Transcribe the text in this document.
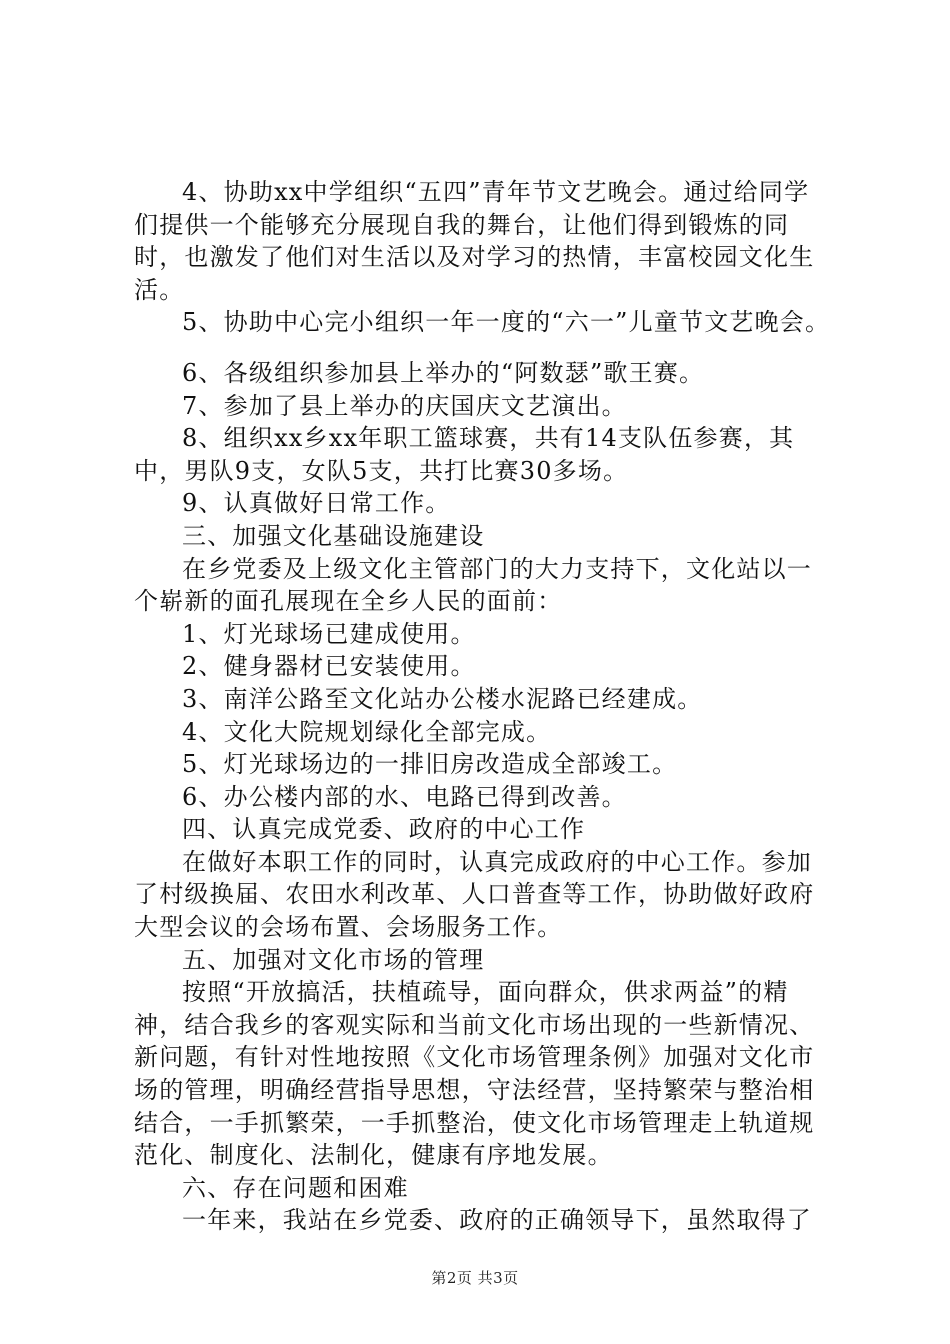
4、协助xx中学组织“五四”青年节文艺晚会。通过给同学们提供一个能够充分展现自我的舞台，让他们得到锻炼的同时，也激发了他们对生活以及对学习的热情，丰富校园文化生活。

5、协助中心完小组织一年一度的“六一”儿童节文艺晚会。

6、各级组织参加县上举办的“阿数瑟”歌王赛。

7、参加了县上举办的庆国庆文艺演出。

8、组织xx乡xx年职工篮球赛，共有14支队伍参赛，其中，男队9支，女队5支，共打比赛30多场。

9、认真做好日常工作。

三、加强文化基础设施建设

在乡党委及上级文化主管部门的大力支持下，文化站以一个崭新的面孔展现在全乡人民的面前：

1、灯光球场已建成使用。

2、健身器材已安装使用。

3、南洋公路至文化站办公楼水泥路已经建成。

4、文化大院规划绿化全部完成。

5、灯光球场边的一排旧房改造成全部竣工。

6、办公楼内部的水、电路已得到改善。

四、认真完成党委、政府的中心工作

在做好本职工作的同时，认真完成政府的中心工作。参加了村级换届、农田水利改革、人口普查等工作，协助做好政府大型会议的会场布置、会场服务工作。

五、加强对文化市场的管理

按照“开放搞活，扶植疏导，面向群众，供求两益”的精神，结合我乡的客观实际和当前文化市场出现的一些新情况、新问题，有针对性地按照《文化市场管理条例》加强对文化市场的管理，明确经营指导思想，守法经营，坚持繁荣与整治相结合，一手抓繁荣，一手抓整治，使文化市场管理走上轨道规范化、制度化、法制化，健康有序地发展。

六、存在问题和困难

一年来，我站在乡党委、政府的正确领导下，虽然取得了

第2页 共3页
